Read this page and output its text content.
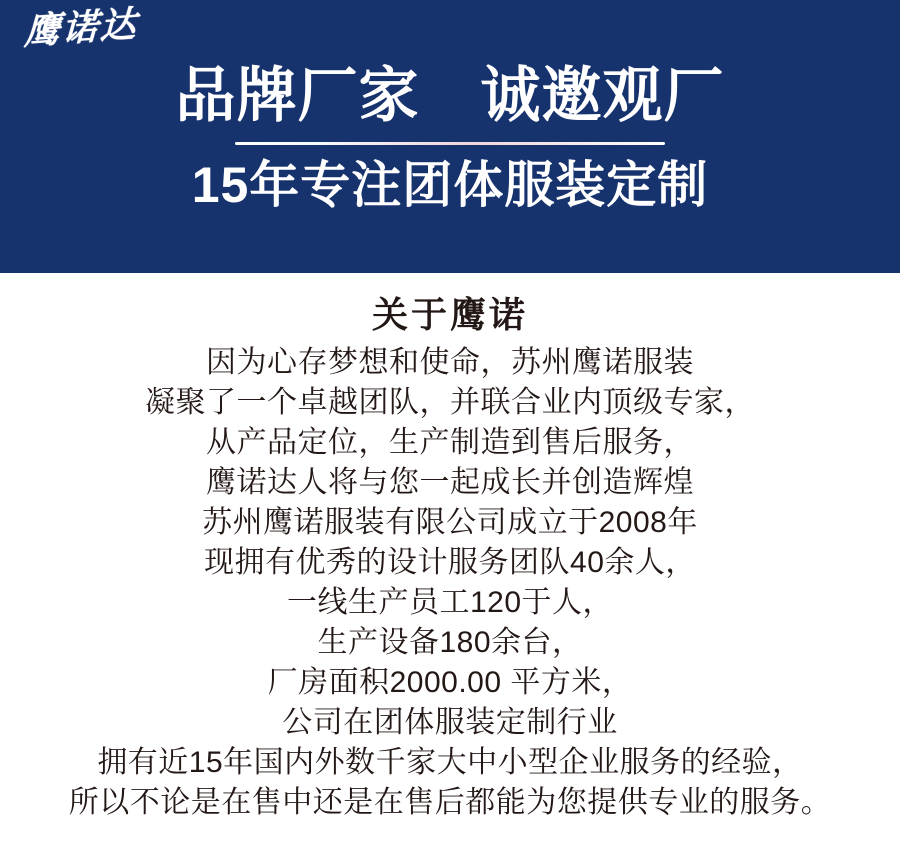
鹰诺达
品牌厂家　诚邀观厂
15年专注团体服装定制
关于鹰诺

因为心存梦想和使命，苏州鹰诺服装

凝聚了一个卓越团队，并联合业内顶级专家，

从产品定位，生产制造到售后服务，

鹰诺达人将与您一起成长并创造辉煌

苏州鹰诺服装有限公司成立于2008年

现拥有优秀的设计服务团队40余人，

一线生产员工120于人，

生产设备180余台，

厂房面积2000.00 平方米，

公司在团体服装定制行业

拥有近15年国内外数千家大中小型企业服务的经验，

所以不论是在售中还是在售后都能为您提供专业的服务。
